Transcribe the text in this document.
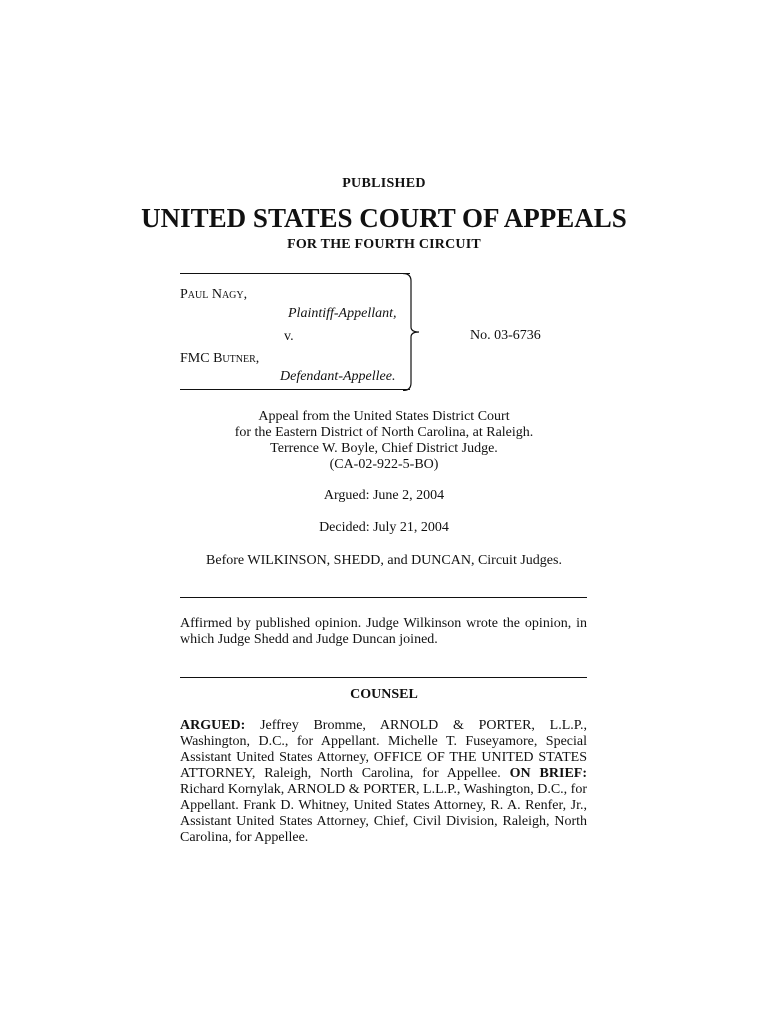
PUBLISHED
UNITED STATES COURT OF APPEALS
FOR THE FOURTH CIRCUIT
Paul Nagy,
Plaintiff-Appellant,
v.
FMC Butner,
Defendant-Appellee.
No. 03-6736
Appeal from the United States District Court
for the Eastern District of North Carolina, at Raleigh.
Terrence W. Boyle, Chief District Judge.
(CA-02-922-5-BO)
Argued: June 2, 2004
Decided: July 21, 2004
Before WILKINSON, SHEDD, and DUNCAN, Circuit Judges.
Affirmed by published opinion. Judge Wilkinson wrote the opinion, in which Judge Shedd and Judge Duncan joined.
COUNSEL
ARGUED: Jeffrey Bromme, ARNOLD & PORTER, L.L.P., Washington, D.C., for Appellant. Michelle T. Fuseyamore, Special Assistant United States Attorney, OFFICE OF THE UNITED STATES ATTORNEY, Raleigh, North Carolina, for Appellee. ON BRIEF: Richard Kornylak, ARNOLD & PORTER, L.L.P., Washington, D.C., for Appellant. Frank D. Whitney, United States Attorney, R. A. Renfer, Jr., Assistant United States Attorney, Chief, Civil Division, Raleigh, North Carolina, for Appellee.
